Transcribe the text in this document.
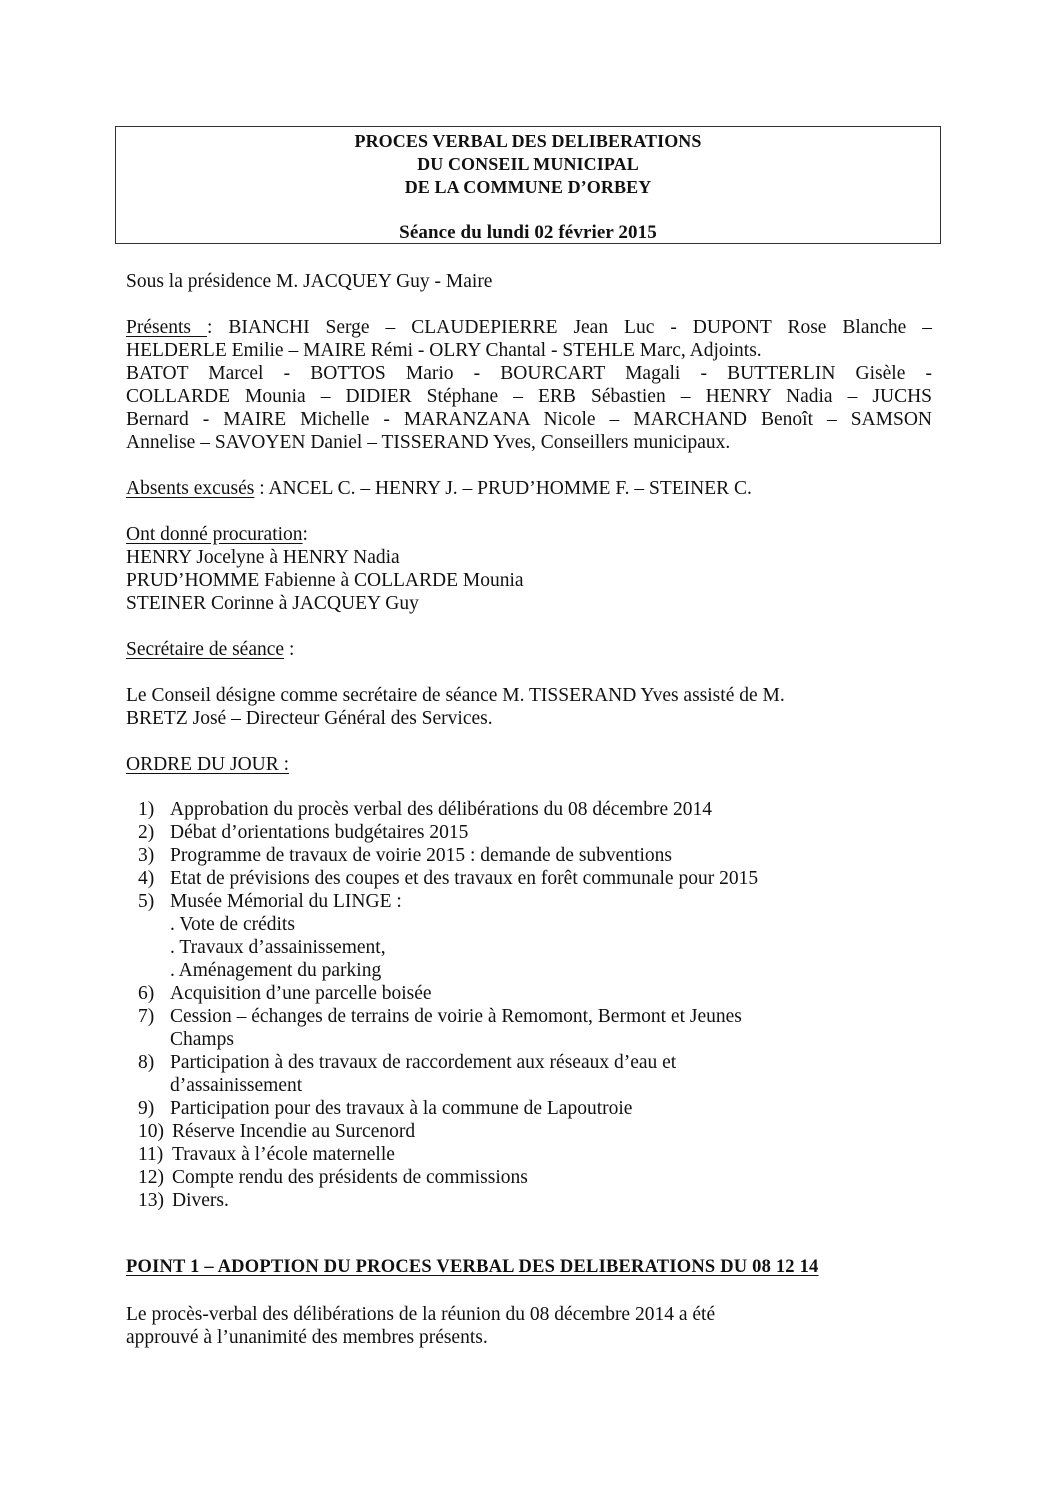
PROCES VERBAL DES DELIBERATIONS
DU CONSEIL MUNICIPAL
DE LA COMMUNE D’ORBEY
Séance du lundi 02 février 2015
Sous la présidence M. JACQUEY Guy - Maire
Présents : BIANCHI Serge – CLAUDEPIERRE Jean Luc - DUPONT Rose Blanche –
HELDERLE Emilie – MAIRE Rémi - OLRY Chantal - STEHLE Marc, Adjoints.
BATOT Marcel - BOTTOS Mario - BOURCART Magali - BUTTERLIN Gisèle -
COLLARDE Mounia – DIDIER Stéphane – ERB Sébastien – HENRY Nadia – JUCHS
Bernard - MAIRE Michelle - MARANZANA Nicole – MARCHAND Benoît – SAMSON
Annelise – SAVOYEN Daniel – TISSERAND Yves, Conseillers municipaux.
Absents excusés : ANCEL C. – HENRY J. – PRUD’HOMME F. – STEINER C.
Ont donné procuration:
HENRY Jocelyne à HENRY Nadia
PRUD’HOMME Fabienne à COLLARDE Mounia
STEINER Corinne à JACQUEY Guy
Secrétaire de séance :
Le Conseil désigne comme secrétaire de séance M. TISSERAND Yves assisté de M.
BRETZ José – Directeur Général des Services.
ORDRE DU JOUR :
1) Approbation du procès verbal des délibérations du 08 décembre 2014
2) Débat d’orientations budgétaires 2015
3) Programme de travaux de voirie 2015 : demande de subventions
4) Etat de prévisions des coupes et des travaux en forêt communale pour 2015
5) Musée Mémorial du LINGE :
. Vote de crédits
. Travaux d’assainissement,
. Aménagement du parking
6) Acquisition d’une parcelle boisée
7) Cession – échanges de terrains de voirie à Remomont, Bermont et Jeunes
Champs
8) Participation à des travaux de raccordement aux réseaux d’eau et
d’assainissement
9) Participation pour des travaux à la commune de Lapoutroie
10) Réserve Incendie au Surcenord
11) Travaux à l’école maternelle
12) Compte rendu des présidents de commissions
13) Divers.
POINT 1 – ADOPTION DU PROCES VERBAL DES DELIBERATIONS DU 08 12 14
Le procès-verbal des délibérations de la réunion du 08 décembre 2014 a été
approuvé à l’unanimité des membres présents.
